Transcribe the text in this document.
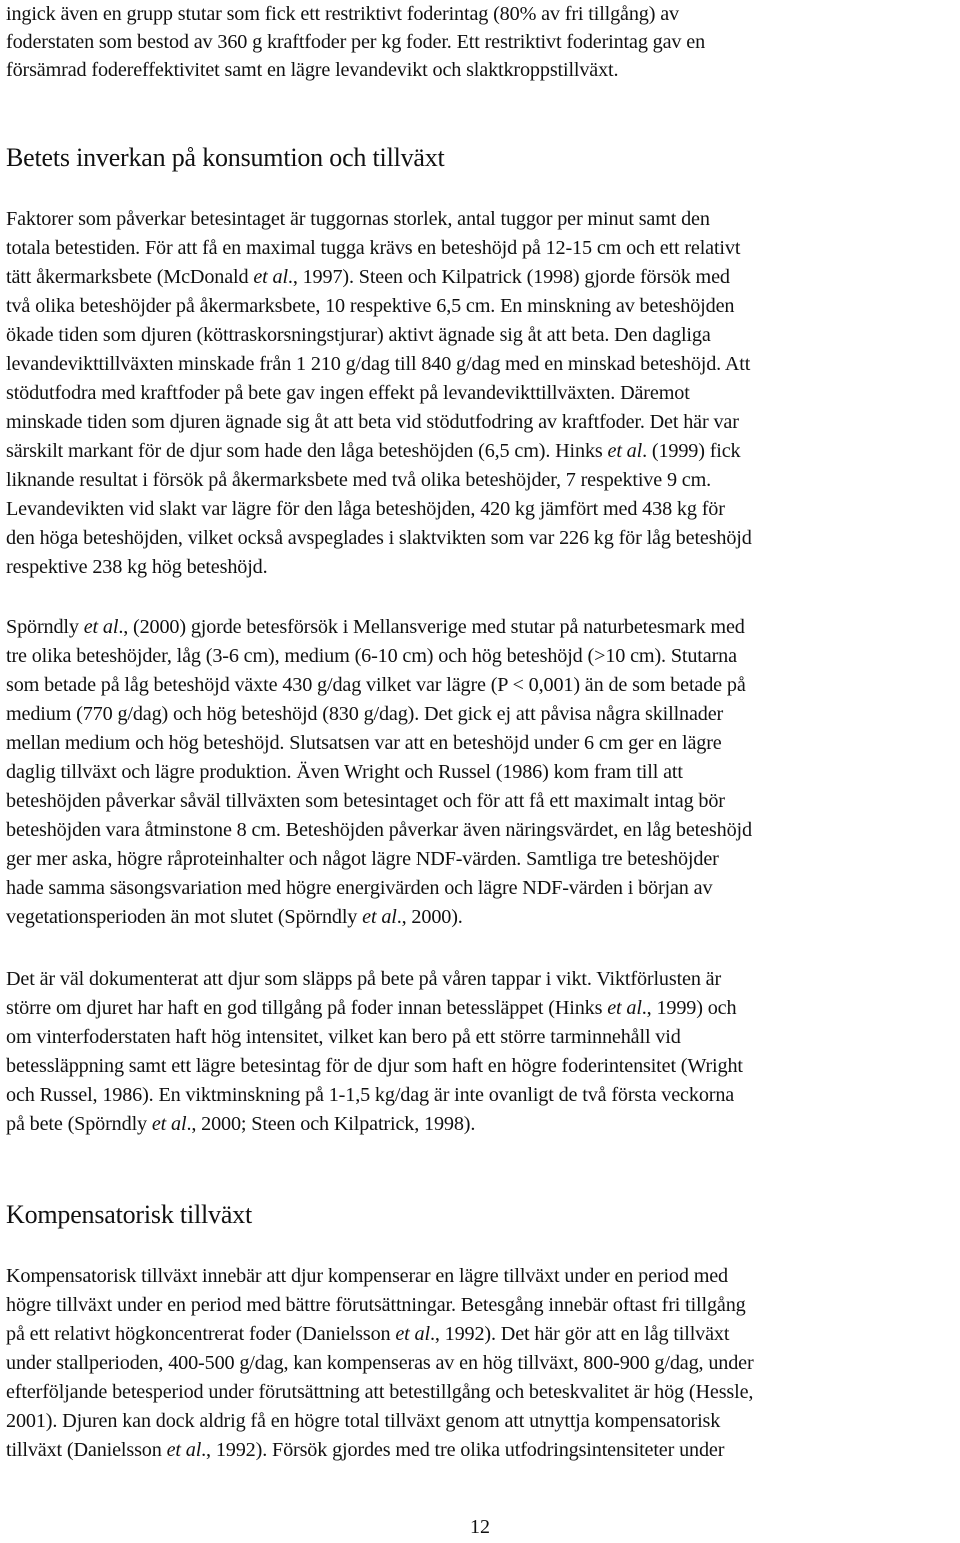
ingick även en grupp stutar som fick ett restriktivt foderintag (80% av fri tillgång) av
foderstaten som bestod av 360 g kraftfoder per kg foder. Ett restriktivt foderintag gav en
försämrad fodereffektivitet samt en lägre levandevikt och slaktkroppstillväxt.
Betets inverkan på konsumtion och tillväxt
Faktorer som påverkar betesintaget är tuggornas storlek, antal tuggor per minut samt den
totala betestiden. För att få en maximal tugga krävs en beteshöjd på 12-15 cm och ett relativt
tätt åkermarksbete (McDonald et al., 1997). Steen och Kilpatrick (1998) gjorde försök med
två olika beteshöjder på åkermarksbete, 10 respektive 6,5 cm. En minskning av beteshöjden
ökade tiden som djuren (köttraskorsningstjurar) aktivt ägnade sig åt att beta. Den dagliga
levandevikttillväxten minskade från 1 210 g/dag till 840 g/dag med en minskad beteshöjd. Att
stödutfodra med kraftfoder på bete gav ingen effekt på levandevikttillväxten. Däremot
minskade tiden som djuren ägnade sig åt att beta vid stödutfodring av kraftfoder. Det här var
särskilt markant för de djur som hade den låga beteshöjden (6,5 cm). Hinks et al. (1999) fick
liknande resultat i försök på åkermarksbete med två olika beteshöjder, 7 respektive 9 cm.
Levandevikten vid slakt var lägre för den låga beteshöjden, 420 kg jämfört med 438 kg för
den höga beteshöjden, vilket också avspeglades i slaktvikten som var 226 kg för låg beteshöjd
respektive 238 kg hög beteshöjd.
Spörndly et al., (2000) gjorde betesförsök i Mellansverige med stutar på naturbetesmark med
tre olika beteshöjder, låg (3-6 cm), medium (6-10 cm) och hög beteshöjd (>10 cm). Stutarna
som betade på låg beteshöjd växte 430 g/dag vilket var lägre (P < 0,001) än de som betade på
medium (770 g/dag) och hög beteshöjd (830 g/dag). Det gick ej att påvisa några skillnader
mellan medium och hög beteshöjd. Slutsatsen var att en beteshöjd under 6 cm ger en lägre
daglig tillväxt och lägre produktion. Även Wright och Russel (1986) kom fram till att
beteshöjden påverkar såväl tillväxten som betesintaget och för att få ett maximalt intag bör
beteshöjden vara åtminstone 8 cm. Beteshöjden påverkar även näringsvärdet, en låg beteshöjd
ger mer aska, högre råproteinhalter och något lägre NDF-värden. Samtliga tre beteshöjder
hade samma säsongsvariation med högre energivärden och lägre NDF-värden i början av
vegetationsperioden än mot slutet (Spörndly et al., 2000).
Det är väl dokumenterat att djur som släpps på bete på våren tappar i vikt. Viktförlusten är
större om djuret har haft en god tillgång på foder innan betessläppet (Hinks et al., 1999) och
om vinterfoderstaten haft hög intensitet, vilket kan bero på ett större tarminnehåll vid
betessläppning samt ett lägre betesintag för de djur som haft en högre foderintensitet (Wright
och Russel, 1986). En viktminskning på 1-1,5 kg/dag är inte ovanligt de två första veckorna
på bete (Spörndly et al., 2000; Steen och Kilpatrick, 1998).
Kompensatorisk tillväxt
Kompensatorisk tillväxt innebär att djur kompenserar en lägre tillväxt under en period med
högre tillväxt under en period med bättre förutsättningar. Betesgång innebär oftast fri tillgång
på ett relativt högkoncentrerat foder (Danielsson et al., 1992). Det här gör att en låg tillväxt
under stallperioden, 400-500 g/dag, kan kompenseras av en hög tillväxt, 800-900 g/dag, under
efterföljande betesperiod under förutsättning att betestillgång och beteskvalitet är hög (Hessle,
2001). Djuren kan dock aldrig få en högre total tillväxt genom att utnyttja kompensatorisk
tillväxt (Danielsson et al., 1992). Försök gjordes med tre olika utfodringsintensiteter under
12
